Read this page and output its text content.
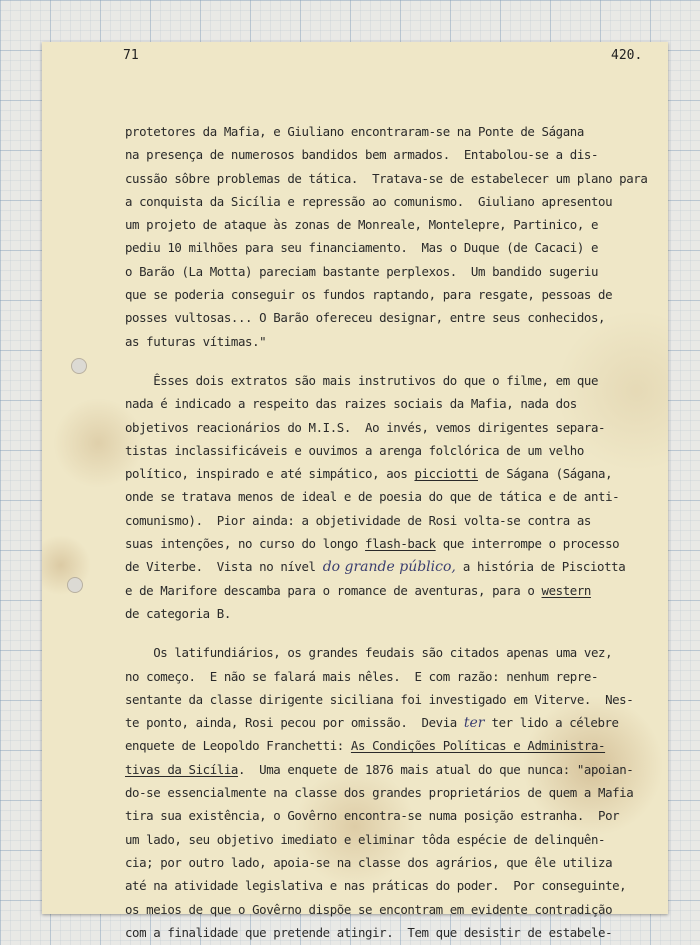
71	420.
protetores da Mafia, e Giuliano encontraram-se na Ponte de Ságana
na presença de numerosos bandidos bem armados.  Entabolou-se a dis-
cussão sôbre problemas de tática.  Tratava-se de estabelecer um plano para
a conquista da Sicília e repressão ao comunismo.  Giuliano apresentou
um projeto de ataque às zonas de Monreale, Montelepre, Partinico, e
pediu 10 milhões para seu financiamento.  Mas o Duque (de Cacaci) e
o Barão (La Motta) pareciam bastante perplexos.  Um bandido sugeriu
que se poderia conseguir os fundos raptando, para resgate, pessoas de
posses vultosas... O Barão ofereceu designar, entre seus conhecidos,
as futuras vítimas."
Êsses dois extratos são mais instrutivos do que o filme, em que
nada é indicado a respeito das raizes sociais da Mafia, nada dos
objetivos reacionários do M.I.S.  Ao invés, vemos dirigentes separa-
tistas inclassificáveis e ouvimos a arenga folclórica de um velho
político, inspirado e até simpático, aos picciotti de Ságana (Ságana,
onde se tratava menos de ideal e de poesia do que de tática e de anti-
comunismo).  Pior ainda: a objetividade de Rosi volta-se contra as
suas intenções, no curso do longo flash-back que interrompe o processo
de Viterbe.  Vista no nível do grande público, a história de Pisciotta
e de Marifore descamba para o romance de aventuras, para o western
de categoria B.
Os latifundiários, os grandes feudais são citados apenas uma vez,
no começo.  E não se falará mais nêles.  E com razão: nenhum repre-
sentante da classe dirigente siciliana foi investigado em Viterve.  Nes-
te ponto, ainda, Rosi pecou por omissão.  Devia ter ter lido a célebre
enquete de Leopoldo Franchetti: As Condições Políticas e Administra-
tivas da Sicília.  Uma enquete de 1876 mais atual do que nunca: "apoian-
do-se essencialmente na classe dos grandes proprietários de quem a Mafia
tira sua existência, o Govêrno encontra-se numa posição estranha.  Por
um lado, seu objetivo imediato e eliminar tôda espécie de delinquên-
cia; por outro lado, apoia-se na classe dos agrários, que êle utiliza
até na atividade legislativa e nas práticas do poder.  Por conseguinte,
os meios de que o Govêrno dispõe se encontram em evidente contradição
com a finalidade que pretende atingir.  Tem que desistir de estabele-
